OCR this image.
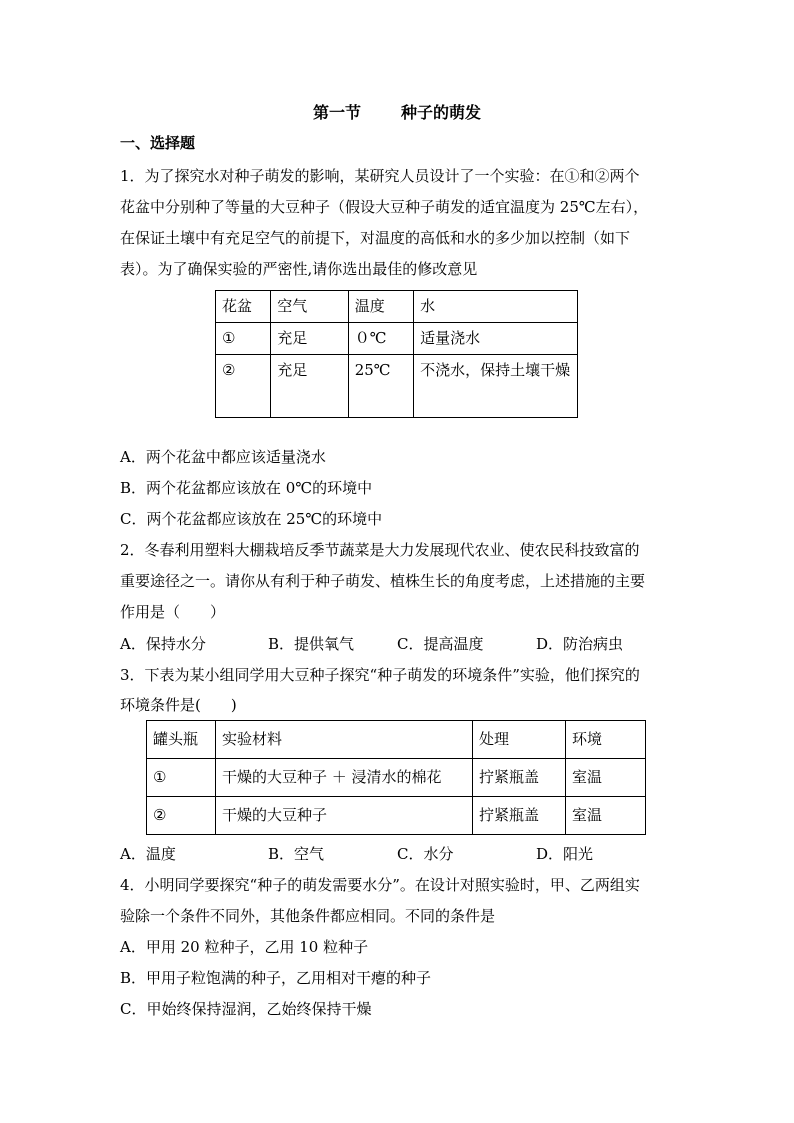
第一节	种子的萌发
一、选择题
1．为了探究水对种子萌发的影响，某研究人员设计了一个实验：在①和②两个
花盆中分别种了等量的大豆种子（假设大豆种子萌发的适宜温度为 25℃左右），
在保证土壤中有充足空气的前提下，对温度的高低和水的多少加以控制（如下
表）。为了确保实验的严密性,请你选出最佳的修改意见
花盆	空气	温度	水
①	充足	０℃	适量浇水
②	充足	25℃	不浇水，保持土壤干燥
A．两个花盆中都应该适量浇水
B．两个花盆都应该放在 0℃的环境中
C．两个花盆都应该放在 25℃的环境中
2．冬春利用塑料大棚栽培反季节蔬菜是大力发展现代农业、使农民科技致富的
重要途径之一。请你从有利于种子萌发、植株生长的角度考虑，上述措施的主要
作用是（　　）
A．保持水分	B．提供氧气	C．提高温度	D．防治病虫
3．下表为某小组同学用大豆种子探究“种子萌发的环境条件”实验，他们探究的
环境条件是(　　)
罐头瓶	实验材料	处理	环境
①	干燥的大豆种子 ＋ 浸清水的棉花	拧紧瓶盖	室温
②	干燥的大豆种子	拧紧瓶盖	室温
A．温度	B．空气	C．水分	D．阳光
4．小明同学要探究“种子的萌发需要水分”。在设计对照实验时，甲、乙两组实
验除一个条件不同外，其他条件都应相同。不同的条件是
A．甲用 20 粒种子，乙用 10 粒种子
B．甲用子粒饱满的种子，乙用相对干瘪的种子
C．甲始终保持湿润，乙始终保持干燥
